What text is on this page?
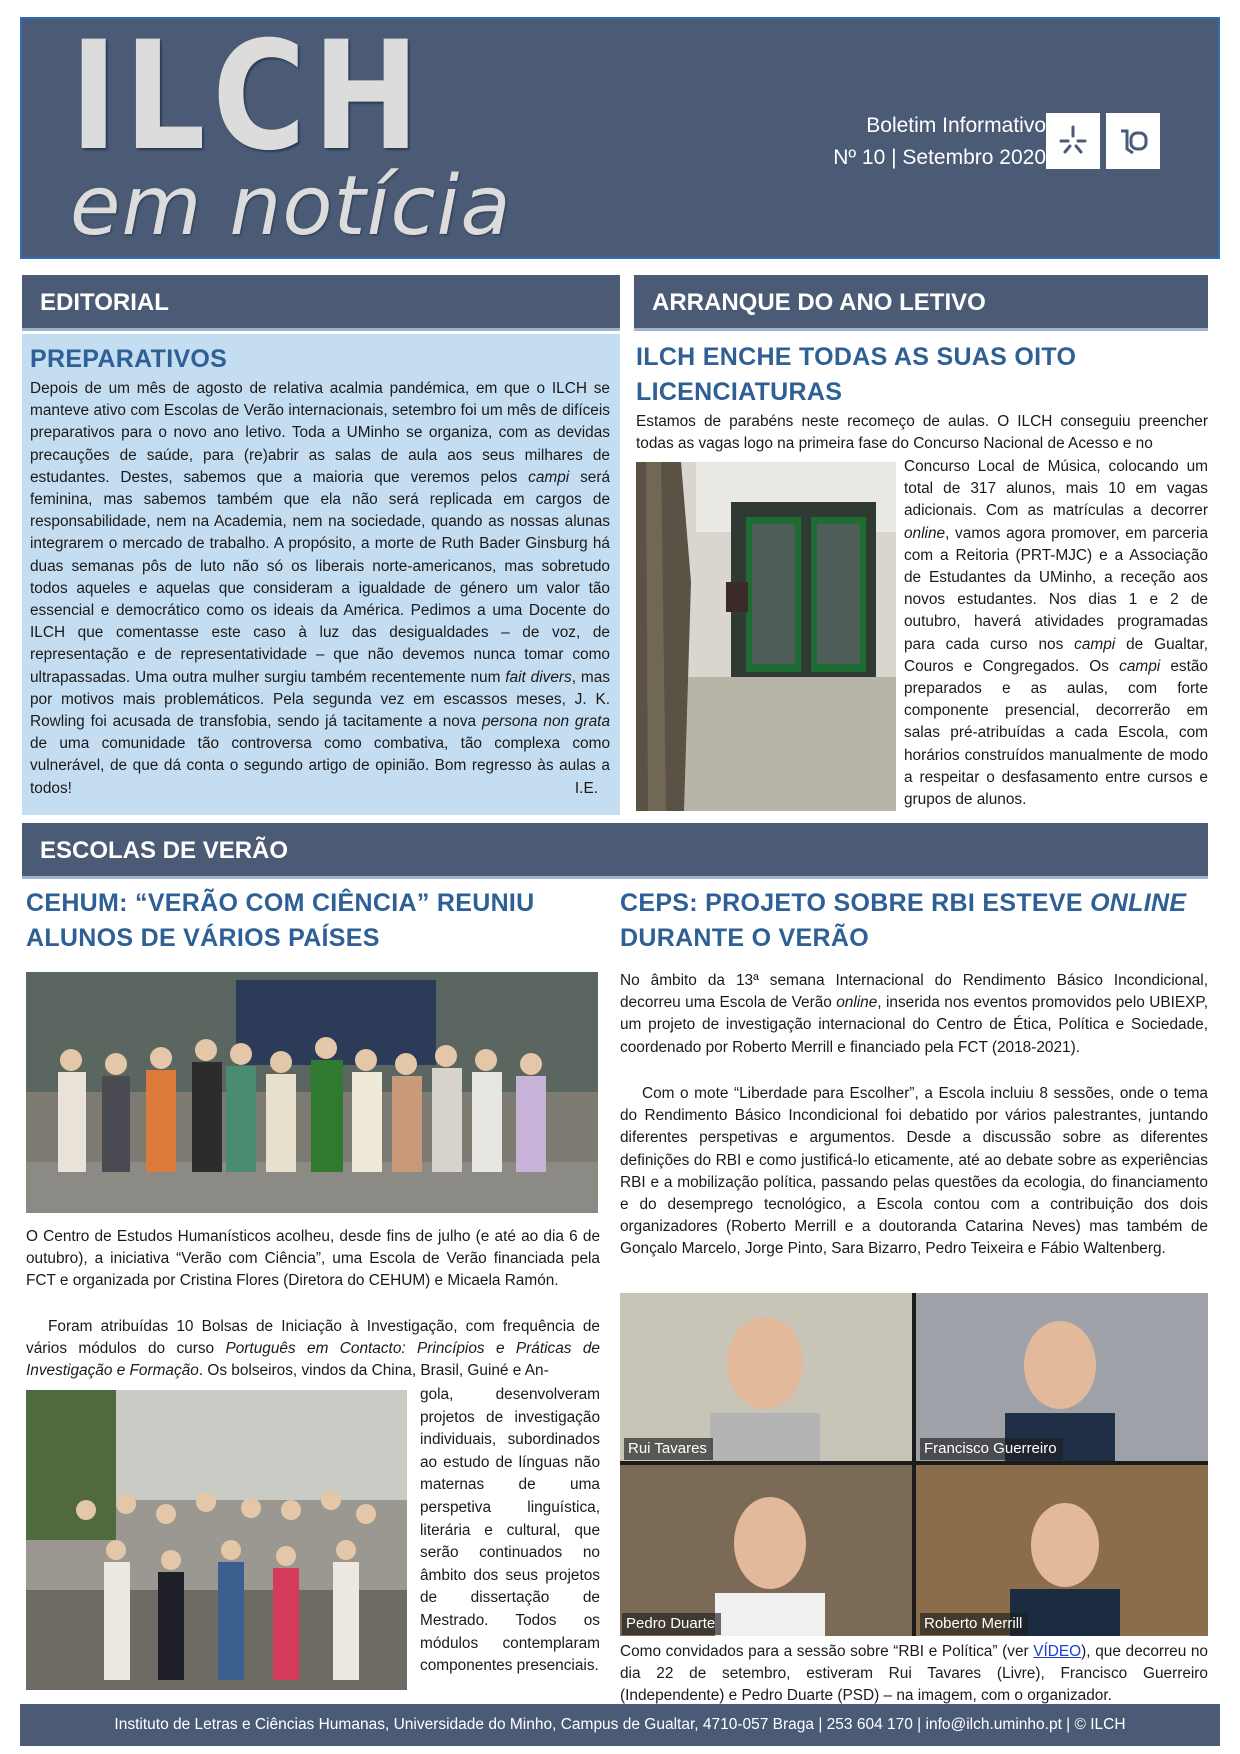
ILCH
em notícia
Boletim Informativo
Nº 10 | Setembro 2020
EDITORIAL
PREPARATIVOS
Depois de um mês de agosto de relativa acalmia pandémica, em que o ILCH se manteve ativo com Escolas de Verão internacionais, setembro foi um mês de difíceis preparativos para o novo ano letivo. Toda a UMinho se organiza, com as devidas precauções de saúde, para (re)abrir as salas de aula aos seus milhares de estudantes. Destes, sabemos que a maioria que veremos pelos campi será feminina, mas sabemos também que ela não será replicada em cargos de responsabilidade, nem na Academia, nem na sociedade, quando as nossas alunas integrarem o mercado de trabalho. A propósito, a morte de Ruth Bader Ginsburg há duas semanas pôs de luto não só os liberais norte-americanos, mas sobretudo todos aqueles e aquelas que consideram a igualdade de género um valor tão essencial e democrático como os ideais da América. Pedimos a uma Docente do ILCH que comentasse este caso à luz das desigualdades – de voz, de representação e de representatividade – que não devemos nunca tomar como ultrapassadas. Uma outra mulher surgiu também recentemente num fait divers, mas por motivos mais problemáticos. Pela segunda vez em escassos meses, J. K. Rowling foi acusada de transfobia, sendo já tacitamente a nova persona non grata de uma comunidade tão controversa como combativa, tão complexa como vulnerável, de que dá conta o segundo artigo de opinião. Bom regresso às aulas a todos!	I.E.
ARRANQUE DO ANO LETIVO
ILCH ENCHE TODAS AS SUAS OITO LICENCIATURAS
Estamos de parabéns neste recomeço de aulas. O ILCH conseguiu preencher todas as vagas logo na primeira fase do Concurso Nacional de Acesso e no
Concurso Local de Música, colocando um total de 317 alunos, mais 10 em vagas adicionais. Com as matrículas a decorrer online, vamos agora promover, em parceria com a Reitoria (PRT-MJC) e a Associação de Estudantes da UMinho, a receção aos novos estudantes. Nos dias 1 e 2 de outubro, haverá atividades programadas para cada curso nos campi de Gualtar, Couros e Congregados. Os campi estão preparados e as aulas, com forte componente presencial, decorrerão em salas pré-atribuídas a cada Escola, com horários construídos manualmente de modo a respeitar o desfasamento entre cursos e grupos de alunos.
ESCOLAS DE VERÃO
CEHUM: “VERÃO COM CIÊNCIA” REUNIU ALUNOS DE VÁRIOS PAÍSES
O Centro de Estudos Humanísticos acolheu, desde fins de julho (e até ao dia 6 de outubro), a iniciativa “Verão com Ciência”, uma Escola de Verão financiada pela FCT e organizada por Cristina Flores (Diretora do CEHUM) e Micaela Ramón.
Foram atribuídas 10 Bolsas de Iniciação à Investigação, com frequência de vários módulos do curso Português em Contacto: Princípios e Práticas de Investigação e Formação. Os bolseiros, vindos da China, Brasil, Guiné e An-
gola, desenvolveram projetos de investigação individuais, subordinados ao estudo de línguas não maternas de uma perspetiva linguística, literária e cultural, que serão continuados no âmbito dos seus projetos de dissertação de Mestrado. Todos os módulos contemplaram componentes presenciais.
CEPS: PROJETO SOBRE RBI ESTEVE ONLINE DURANTE O VERÃO
No âmbito da 13ª semana Internacional do Rendimento Básico Incondicional, decorreu uma Escola de Verão online, inserida nos eventos promovidos pelo UBIEXP, um projeto de investigação internacional do Centro de Ética, Política e Sociedade, coordenado por Roberto Merrill e financiado pela FCT (2018-2021).
Com o mote “Liberdade para Escolher”, a Escola incluiu 8 sessões, onde o tema do Rendimento Básico Incondicional foi debatido por vários palestrantes, juntando diferentes perspetivas e argumentos. Desde a discussão sobre as diferentes definições do RBI e como justificá-lo eticamente, até ao debate sobre as experiências RBI e a mobilização política, passando pelas questões da ecologia, do financiamento e do desemprego tecnológico, a Escola contou com a contribuição dos dois organizadores (Roberto Merrill e a doutoranda Catarina Neves) mas também de Gonçalo Marcelo, Jorge Pinto, Sara Bizarro, Pedro Teixeira e Fábio Waltenberg.
Rui Tavares	Francisco Guerreiro
Pedro Duarte	Roberto Merrill
Como convidados para a sessão sobre “RBI e Política” (ver VÍDEO), que decorreu no dia 22 de setembro, estiveram Rui Tavares (Livre), Francisco Guerreiro (Independente) e Pedro Duarte (PSD) – na imagem, com o organizador.
Instituto de Letras e Ciências Humanas, Universidade do Minho, Campus de Gualtar, 4710-057 Braga | 253 604 170 | info@ilch.uminho.pt | © ILCH
